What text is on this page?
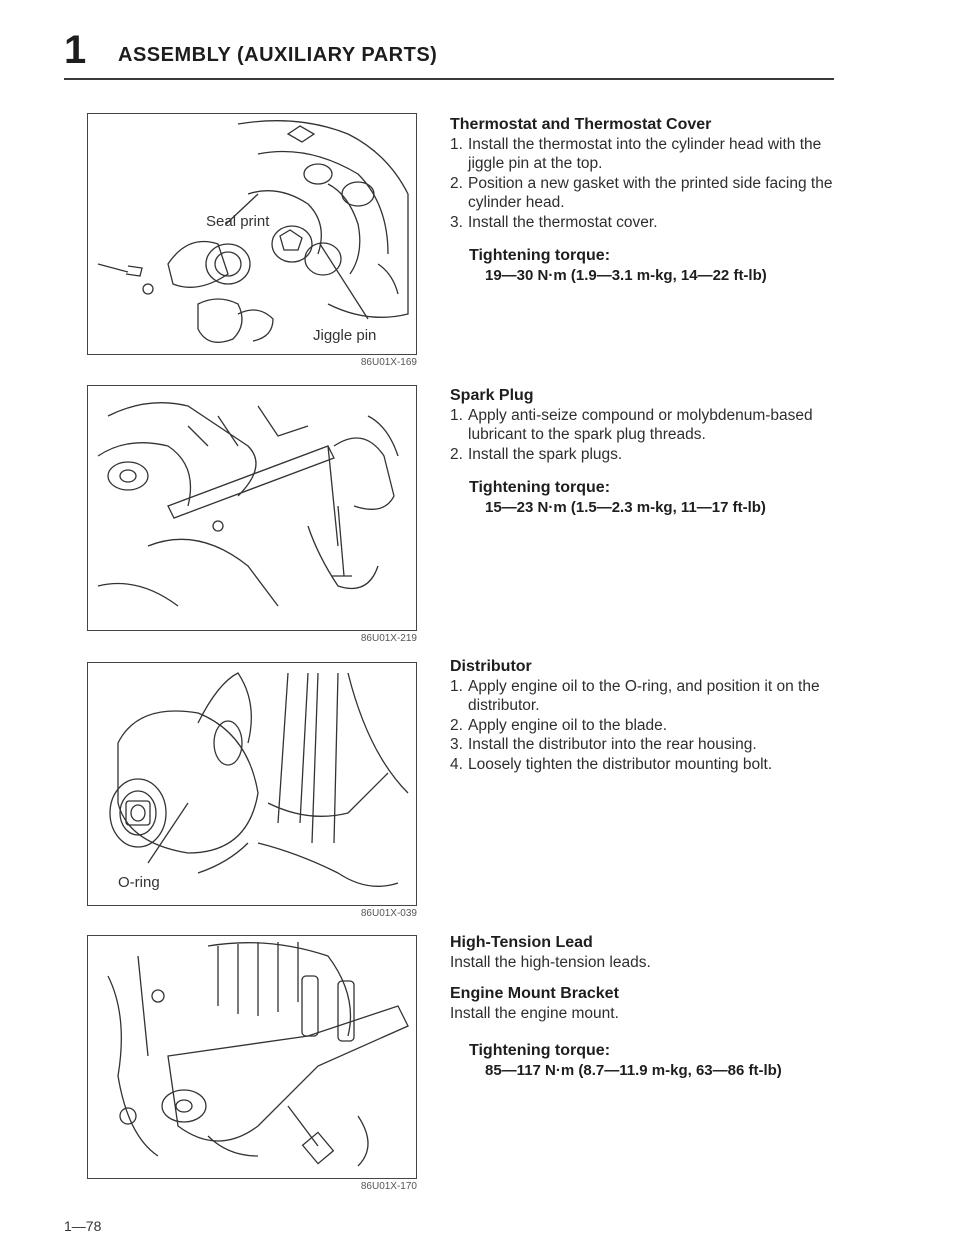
1 ASSEMBLY (AUXILIARY PARTS)
Seal print
Jiggle pin
86U01X-169
86U01X-219
O-ring
86U01X-039
86U01X-170
Thermostat and Thermostat Cover
1. Install the thermostat into the cylinder head with the jiggle pin at the top.
2. Position a new gasket with the printed side facing the cylinder head.
3. Install the thermostat cover.
Tightening torque:
19—30 N·m (1.9—3.1 m-kg, 14—22 ft-lb)
Spark Plug
1. Apply anti-seize compound or molybdenum-based lubricant to the spark plug threads.
2. Install the spark plugs.
Tightening torque:
15—23 N·m (1.5—2.3 m-kg, 11—17 ft-lb)
Distributor
1. Apply engine oil to the O-ring, and position it on the distributor.
2. Apply engine oil to the blade.
3. Install the distributor into the rear housing.
4. Loosely tighten the distributor mounting bolt.
High-Tension Lead

Install the high-tension leads.

Engine Mount Bracket

Install the engine mount.

Tightening torque:
85—117 N·m (8.7—11.9 m-kg, 63—86 ft-lb)
1—78
